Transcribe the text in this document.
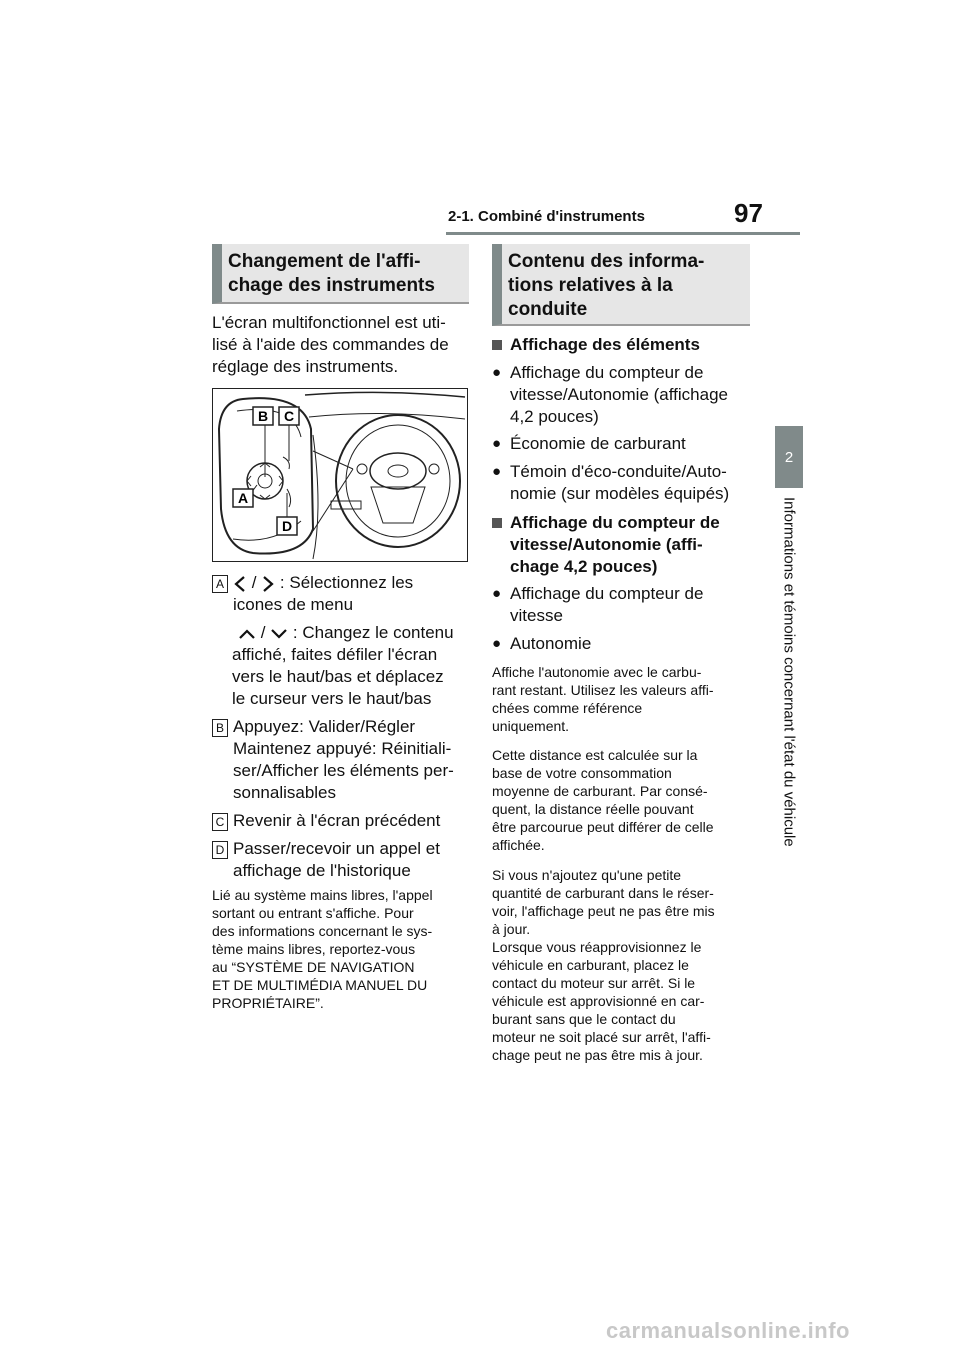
2-1. Combiné d'instruments	97
2
Informations et témoins concernant l'état du véhicule
Changement de l'affi-
chage des instruments
L'écran multifonctionnel est uti-
lisé à l'aide des commandes de
réglage des instruments.
B C
A
D
A	/  : Sélectionnez les
icones de menu
/  : Changez le contenu
affiché, faites défiler l'écran
vers le haut/bas et déplacez
le curseur vers le haut/bas
B Appuyez: Valider/Régler
Maintenez appuyé: Réinitiali-
ser/Afficher les éléments per-
sonnalisables
C Revenir à l'écran précédent
D Passer/recevoir un appel et
affichage de l'historique
Lié au système mains libres, l'appel
sortant ou entrant s'affiche. Pour
des informations concernant le sys-
tème mains libres, reportez-vous
au “SYSTÈME DE NAVIGATION
ET DE MULTIMÉDIA MANUEL DU
PROPRIÉTAIRE”.
Contenu des informa-
tions relatives à la
conduite
Affichage des éléments
● Affichage du compteur de
vitesse/Autonomie (affichage
4,2 pouces)
● Économie de carburant
● Témoin d'éco-conduite/Auto-
nomie (sur modèles équipés)
Affichage du compteur de
vitesse/Autonomie (affi-
chage 4,2 pouces)
● Affichage du compteur de
vitesse
● Autonomie
Affiche l'autonomie avec le carbu-
rant restant. Utilisez les valeurs affi-
chées comme référence
uniquement.
Cette distance est calculée sur la
base de votre consommation
moyenne de carburant. Par consé-
quent, la distance réelle pouvant
être parcourue peut différer de celle
affichée.
Si vous n'ajoutez qu'une petite
quantité de carburant dans le réser-
voir, l'affichage peut ne pas être mis
à jour.
Lorsque vous réapprovisionnez le
véhicule en carburant, placez le
contact du moteur sur arrêt. Si le
véhicule est approvisionné en car-
burant sans que le contact du
moteur ne soit placé sur arrêt, l'affi-
chage peut ne pas être mis à jour.
carmanualsonline.info
